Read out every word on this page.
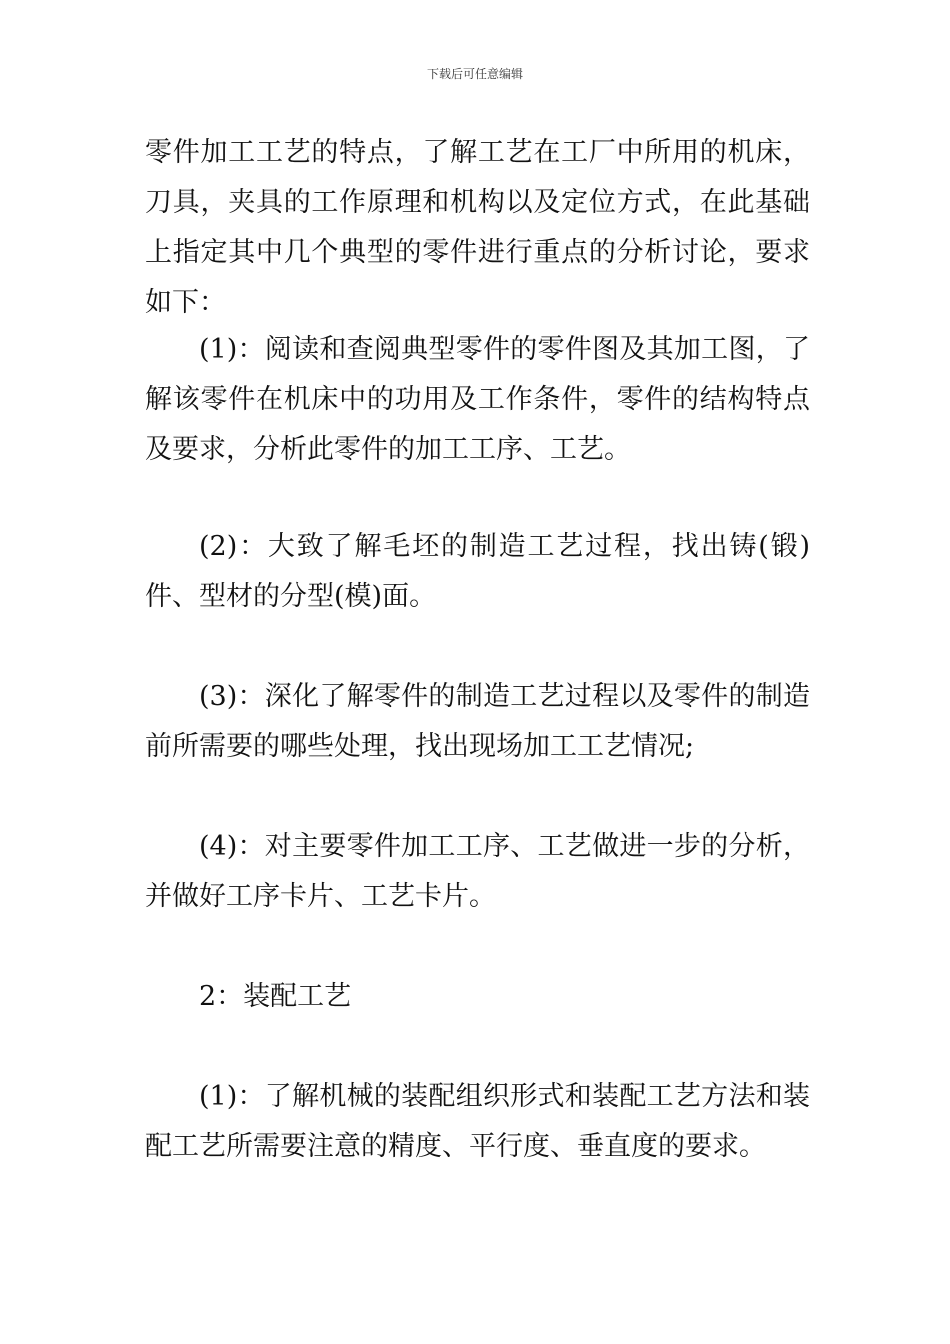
下载后可任意编辑

零件加工工艺的特点，了解工艺在工厂中所用的机床，刀具，夹具的工作原理和机构以及定位方式，在此基础上指定其中几个典型的零件进行重点的分析讨论，要求如下：

(1)：阅读和查阅典型零件的零件图及其加工图，了解该零件在机床中的功用及工作条件，零件的结构特点及要求，分析此零件的加工工序、工艺。

(2)：大致了解毛坯的制造工艺过程，找出铸(锻)件、型材的分型(模)面。

(3)：深化了解零件的制造工艺过程以及零件的制造前所需要的哪些处理，找出现场加工工艺情况;

(4)：对主要零件加工工序、工艺做进一步的分析，并做好工序卡片、工艺卡片。

2：装配工艺

(1)：了解机械的装配组织形式和装配工艺方法和装配工艺所需要注意的精度、平行度、垂直度的要求。
